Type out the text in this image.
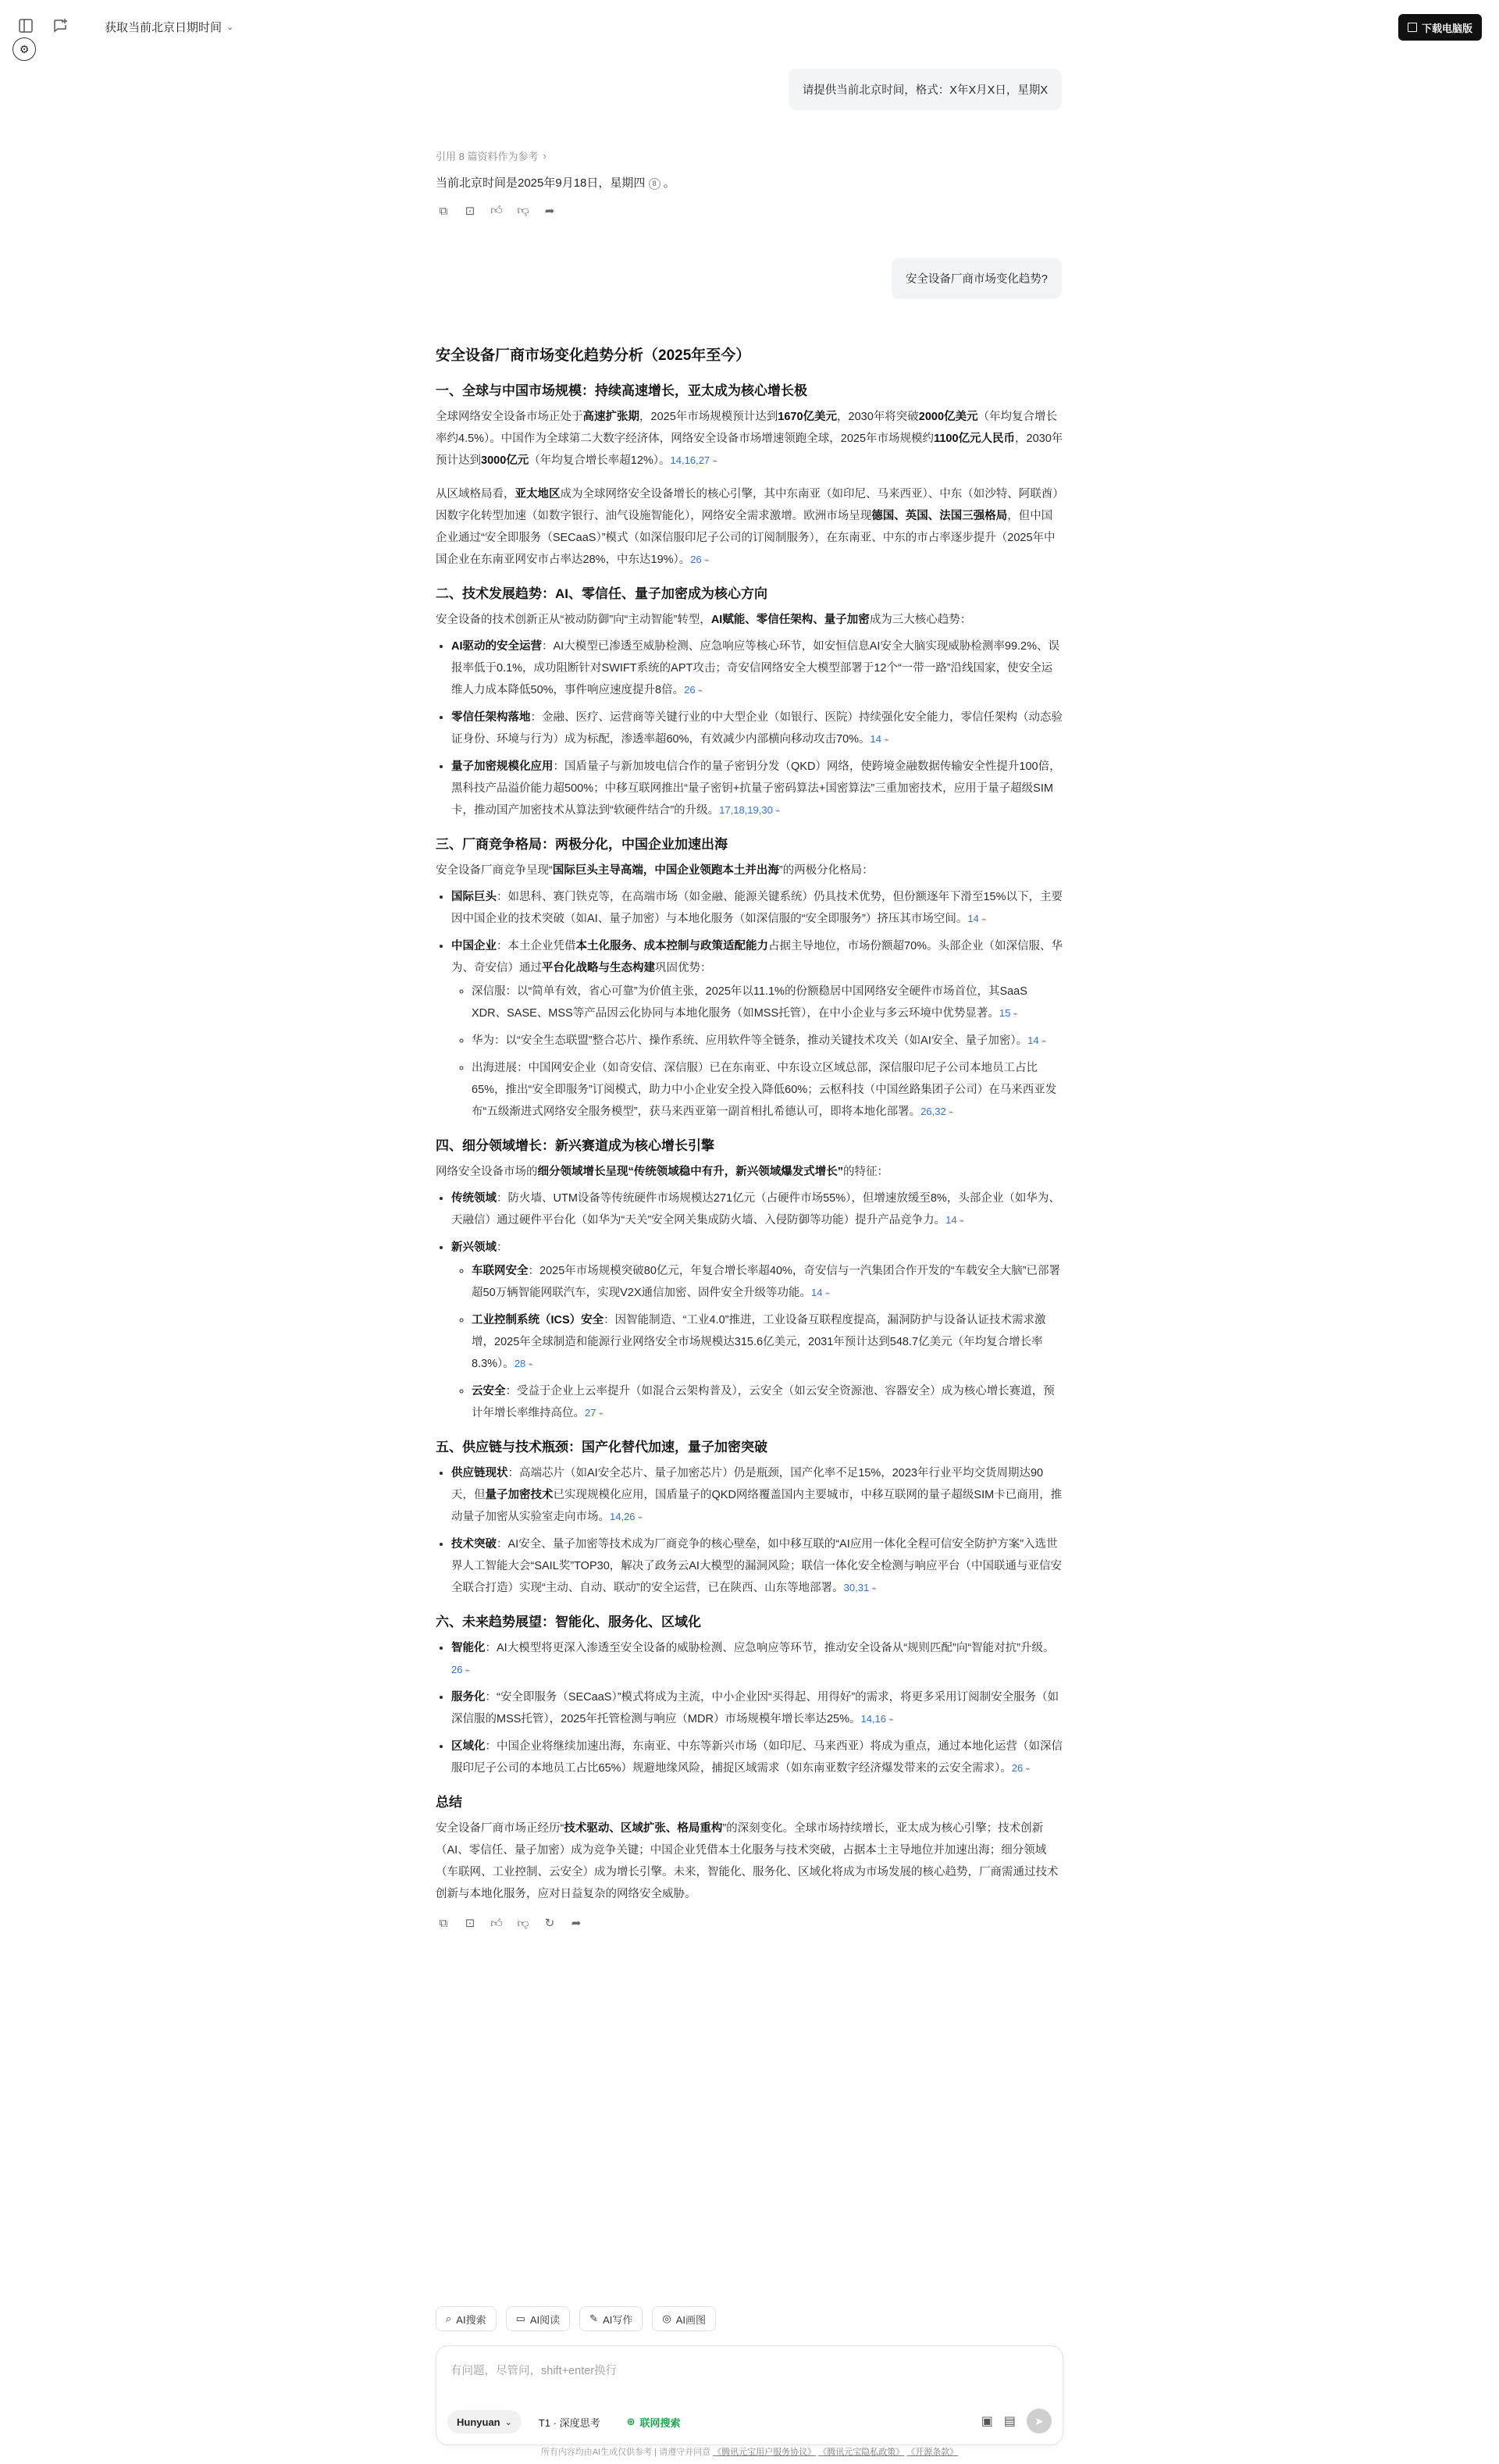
获取当前北京日期时间 ⌄
⚙
下载电脑版
请提供当前北京时间，格式：X年X月X日，星期X
引用 8 篇资料作为参考 ›
当前北京时间是2025年9月18日，星期四 8 。
⧉	⊡ 👍︎ 👎︎ ➦
安全设备厂商市场变化趋势?
安全设备厂商市场变化趋势分析（2025年至今）
一、全球与中国市场规模：持续高速增长，亚太成为核心增长极

全球网络安全设备市场正处于高速扩张期，2025年市场规模预计达到1670亿美元，2030年将突破2000亿美元（年均复合增长率约4.5%）。中国作为全球第二大数字经济体，网络安全设备市场增速领跑全球，2025年市场规模约1100亿元人民币，2030年预计达到3000亿元（年均复合增长率超12%）。14,16,27 ⌁

从区域格局看，亚太地区成为全球网络安全设备增长的核心引擎，其中东南亚（如印尼、马来西亚）、中东（如沙特、阿联酋）因数字化转型加速（如数字银行、油气设施智能化），网络安全需求激增。欧洲市场呈现德国、英国、法国三强格局，但中国企业通过“安全即服务（SECaaS）”模式（如深信服印尼子公司的订阅制服务），在东南亚、中东的市占率逐步提升（2025年中国企业在东南亚网安市占率达28%，中东达19%）。26 ⌁

二、技术发展趋势：AI、零信任、量子加密成为核心方向

安全设备的技术创新正从“被动防御”向“主动智能”转型，AI赋能、零信任架构、量子加密成为三大核心趋势：

• AI驱动的安全运营：AI大模型已渗透至威胁检测、应急响应等核心环节，如安恒信息AI安全大脑实现威胁检测率99.2%、误报率低于0.1%，成功阻断针对SWIFT系统的APT攻击；奇安信网络安全大模型部署于12个“一带一路”沿线国家，使安全运维人力成本降低50%，事件响应速度提升8倍。26 ⌁
• 零信任架构落地：金融、医疗、运营商等关键行业的中大型企业（如银行、医院）持续强化安全能力，零信任架构（动态验证身份、环境与行为）成为标配，渗透率超60%，有效减少内部横向移动攻击70%。14 ⌁
• 量子加密规模化应用：国盾量子与新加坡电信合作的量子密钥分发（QKD）网络，使跨境金融数据传输安全性提升100倍，黑科技产品溢价能力超500%；中移互联网推出“量子密钥+抗量子密码算法+国密算法”三重加密技术，应用于量子超级SIM卡，推动国产加密技术从算法到“软硬件结合”的升级。17,18,19,30 ⌁
三、厂商竞争格局：两极分化，中国企业加速出海

安全设备厂商竞争呈现“国际巨头主导高端，中国企业领跑本土并出海”的两极分化格局：

• 国际巨头：如思科、赛门铁克等，在高端市场（如金融、能源关键系统）仍具技术优势，但份额逐年下滑至15%以下，主要因中国企业的技术突破（如AI、量子加密）与本地化服务（如深信服的“安全即服务”）挤压其市场空间。14 ⌁
• 中国企业：本土企业凭借本土化服务、成本控制与政策适配能力占据主导地位，市场份额超70%。头部企业（如深信服、华为、奇安信）通过平台化战略与生态构建巩固优势：
◦ 深信服：以“简单有效，省心可靠”为价值主张，2025年以11.1%的份额稳居中国网络安全硬件市场首位，其SaaS XDR、SASE、MSS等产品因云化协同与本地化服务（如MSS托管），在中小企业与多云环境中优势显著。15 ⌁
◦ 华为：以“安全生态联盟”整合芯片、操作系统、应用软件等全链条，推动关键技术攻关（如AI安全、量子加密）。14 ⌁
◦ 出海进展：中国网安企业（如奇安信、深信服）已在东南亚、中东设立区域总部，深信服印尼子公司本地员工占比65%，推出“安全即服务”订阅模式，助力中小企业安全投入降低60%；云枢科技（中国丝路集团子公司）在马来西亚发布“五级渐进式网络安全服务模型”，获马来西亚第一副首相扎希德认可，即将本地化部署。26,32 ⌁
四、细分领域增长：新兴赛道成为核心增长引擎

网络安全设备市场的细分领域增长呈现“传统领域稳中有升，新兴领域爆发式增长”的特征：

• 传统领域：防火墙、UTM设备等传统硬件市场规模达271亿元（占硬件市场55%），但增速放缓至8%，头部企业（如华为、天融信）通过硬件平台化（如华为“天关”安全网关集成防火墙、入侵防御等功能）提升产品竞争力。14 ⌁
• 新兴领域：
◦ 车联网安全：2025年市场规模突破80亿元，年复合增长率超40%，奇安信与一汽集团合作开发的“车载安全大脑”已部署超50万辆智能网联汽车，实现V2X通信加密、固件安全升级等功能。14 ⌁
◦ 工业控制系统（ICS）安全：因智能制造、“工业4.0”推进，工业设备互联程度提高，漏洞防护与设备认证技术需求激增，2025年全球制造和能源行业网络安全市场规模达315.6亿美元，2031年预计达到548.7亿美元（年均复合增长率8.3%）。28 ⌁
◦ 云安全：受益于企业上云率提升（如混合云架构普及），云安全（如云安全资源池、容器安全）成为核心增长赛道，预计年增长率维持高位。27 ⌁
五、供应链与技术瓶颈：国产化替代加速，量子加密突破
• 供应链现状：高端芯片（如AI安全芯片、量子加密芯片）仍是瓶颈，国产化率不足15%，2023年行业平均交货周期达90天，但量子加密技术已实现规模化应用，国盾量子的QKD网络覆盖国内主要城市，中移互联网的量子超级SIM卡已商用，推动量子加密从实验室走向市场。14,26 ⌁
• 技术突破：AI安全、量子加密等技术成为厂商竞争的核心壁垒，如中移互联的“AI应用一体化全程可信安全防护方案”入选世界人工智能大会“SAIL奖”TOP30，解决了政务云AI大模型的漏洞风险；联信一体化安全检测与响应平台（中国联通与亚信安全联合打造）实现“主动、自动、联动”的安全运营，已在陕西、山东等地部署。30,31 ⌁
六、未来趋势展望：智能化、服务化、区域化
• 智能化：AI大模型将更深入渗透至安全设备的威胁检测、应急响应等环节，推动安全设备从“规则匹配”向“智能对抗”升级。26 ⌁
• 服务化：“安全即服务（SECaaS）”模式将成为主流，中小企业因“买得起、用得好”的需求，将更多采用订阅制安全服务（如深信服的MSS托管），2025年托管检测与响应（MDR）市场规模年增长率达25%。14,16 ⌁
• 区域化：中国企业将继续加速出海，东南亚、中东等新兴市场（如印尼、马来西亚）将成为重点，通过本地化运营（如深信服印尼子公司的本地员工占比65%）规避地缘风险，捕捉区域需求（如东南亚数字经济爆发带来的云安全需求）。26 ⌁
总结

安全设备厂商市场正经历“技术驱动、区域扩张、格局重构”的深刻变化。全球市场持续增长，亚太成为核心引擎；技术创新（AI、零信任、量子加密）成为竞争关键；中国企业凭借本土化服务与技术突破，占据本土主导地位并加速出海；细分领域（车联网、工业控制、云安全）成为增长引擎。未来，智能化、服务化、区域化将成为市场发展的核心趋势，厂商需通过技术创新与本地化服务，应对日益复杂的网络安全威胁。

⧉	⊡ 👍︎ 👎︎ ↻ ➦
⌕ AI搜索	▭ AI阅读	✎ AI写作	◎ AI画图
有问题，尽管问，shift+enter换行
Hunyuan ⌄	T1 · 深度思考	⊕ 联网搜索	▣ ▤ ➤
所有内容均由AI生成仅供参考 | 请遵守并同意 《腾讯元宝用户服务协议》 《腾讯元宝隐私政策》 《开源条款》
